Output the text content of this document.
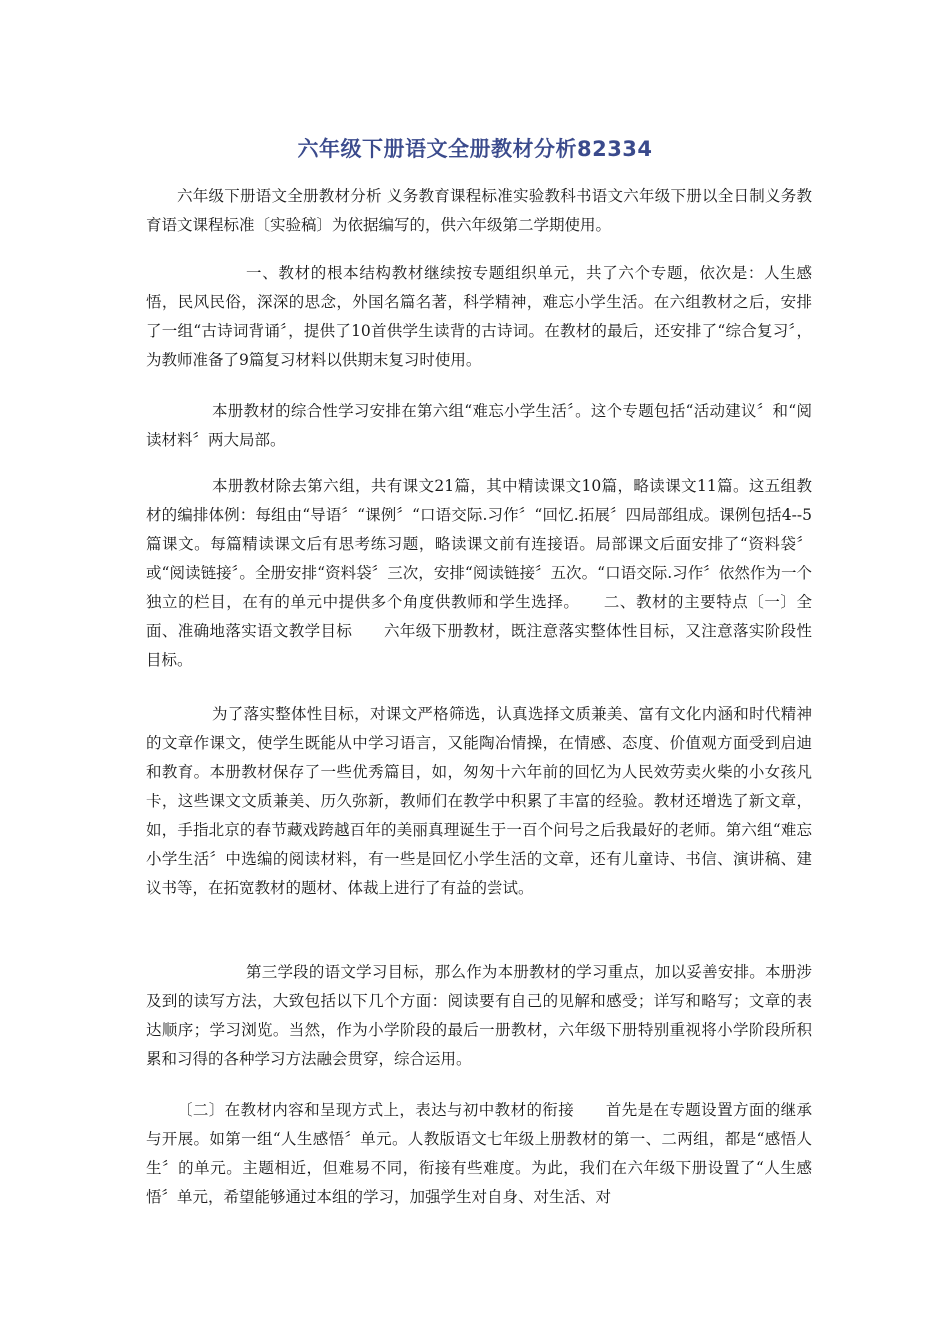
六年级下册语文全册教材分析82334

六年级下册语文全册教材分析 义务教育课程标准实验教科书语文六年级下册以全日制义务教育语文课程标准〔实验稿〕为依据编写的，供六年级第二学期使用。

一、教材的根本结构教材继续按专题组织单元，共了六个专题，依次是：人生感悟，民风民俗，深深的思念，外国名篇名著，科学精神，难忘小学生活。在六组教材之后，安排了一组“古诗词背诵〞，提供了10首供学生读背的古诗词。在教材的最后，还安排了“综合复习〞，为教师准备了9篇复习材料以供期末复习时使用。

本册教材的综合性学习安排在第六组“难忘小学生活〞。这个专题包括“活动建议〞和“阅读材料〞两大局部。

本册教材除去第六组，共有课文21篇，其中精读课文10篇，略读课文11篇。这五组教材的编排体例：每组由“导语〞“课例〞“口语交际.习作〞“回忆.拓展〞四局部组成。课例包括4--5篇课文。每篇精读课文后有思考练习题，略读课文前有连接语。局部课文后面安排了“资料袋〞或“阅读链接〞。全册安排“资料袋〞三次，安排“阅读链接〞五次。“口语交际.习作〞依然作为一个独立的栏目，在有的单元中提供多个角度供教师和学生选择。　　二、教材的主要特点〔一〕全面、准确地落实语文教学目标　　六年级下册教材，既注意落实整体性目标，又注意落实阶段性目标。

为了落实整体性目标，对课文严格筛选，认真选择文质兼美、富有文化内涵和时代精神的文章作课文，使学生既能从中学习语言，又能陶冶情操，在情感、态度、价值观方面受到启迪和教育。本册教材保存了一些优秀篇目，如，匆匆十六年前的回忆为人民效劳卖火柴的小女孩凡卡，这些课文文质兼美、历久弥新，教师们在教学中积累了丰富的经验。教材还增选了新文章，如，手指北京的春节藏戏跨越百年的美丽真理诞生于一百个问号之后我最好的老师。第六组“难忘小学生活〞中选编的阅读材料，有一些是回忆小学生活的文章，还有儿童诗、书信、演讲稿、建议书等，在拓宽教材的题材、体裁上进行了有益的尝试。

第三学段的语文学习目标，那么作为本册教材的学习重点，加以妥善安排。本册涉及到的读写方法，大致包括以下几个方面：阅读要有自己的见解和感受；详写和略写；文章的表达顺序；学习浏览。当然，作为小学阶段的最后一册教材，六年级下册特别重视将小学阶段所积累和习得的各种学习方法融会贯穿，综合运用。

〔二〕在教材内容和呈现方式上，表达与初中教材的衔接　　首先是在专题设置方面的继承与开展。如第一组“人生感悟〞单元。人教版语文七年级上册教材的第一、二两组，都是“感悟人生〞的单元。主题相近，但难易不同，衔接有些难度。为此，我们在六年级下册设置了“人生感悟〞单元，希望能够通过本组的学习，加强学生对自身、对生活、对
